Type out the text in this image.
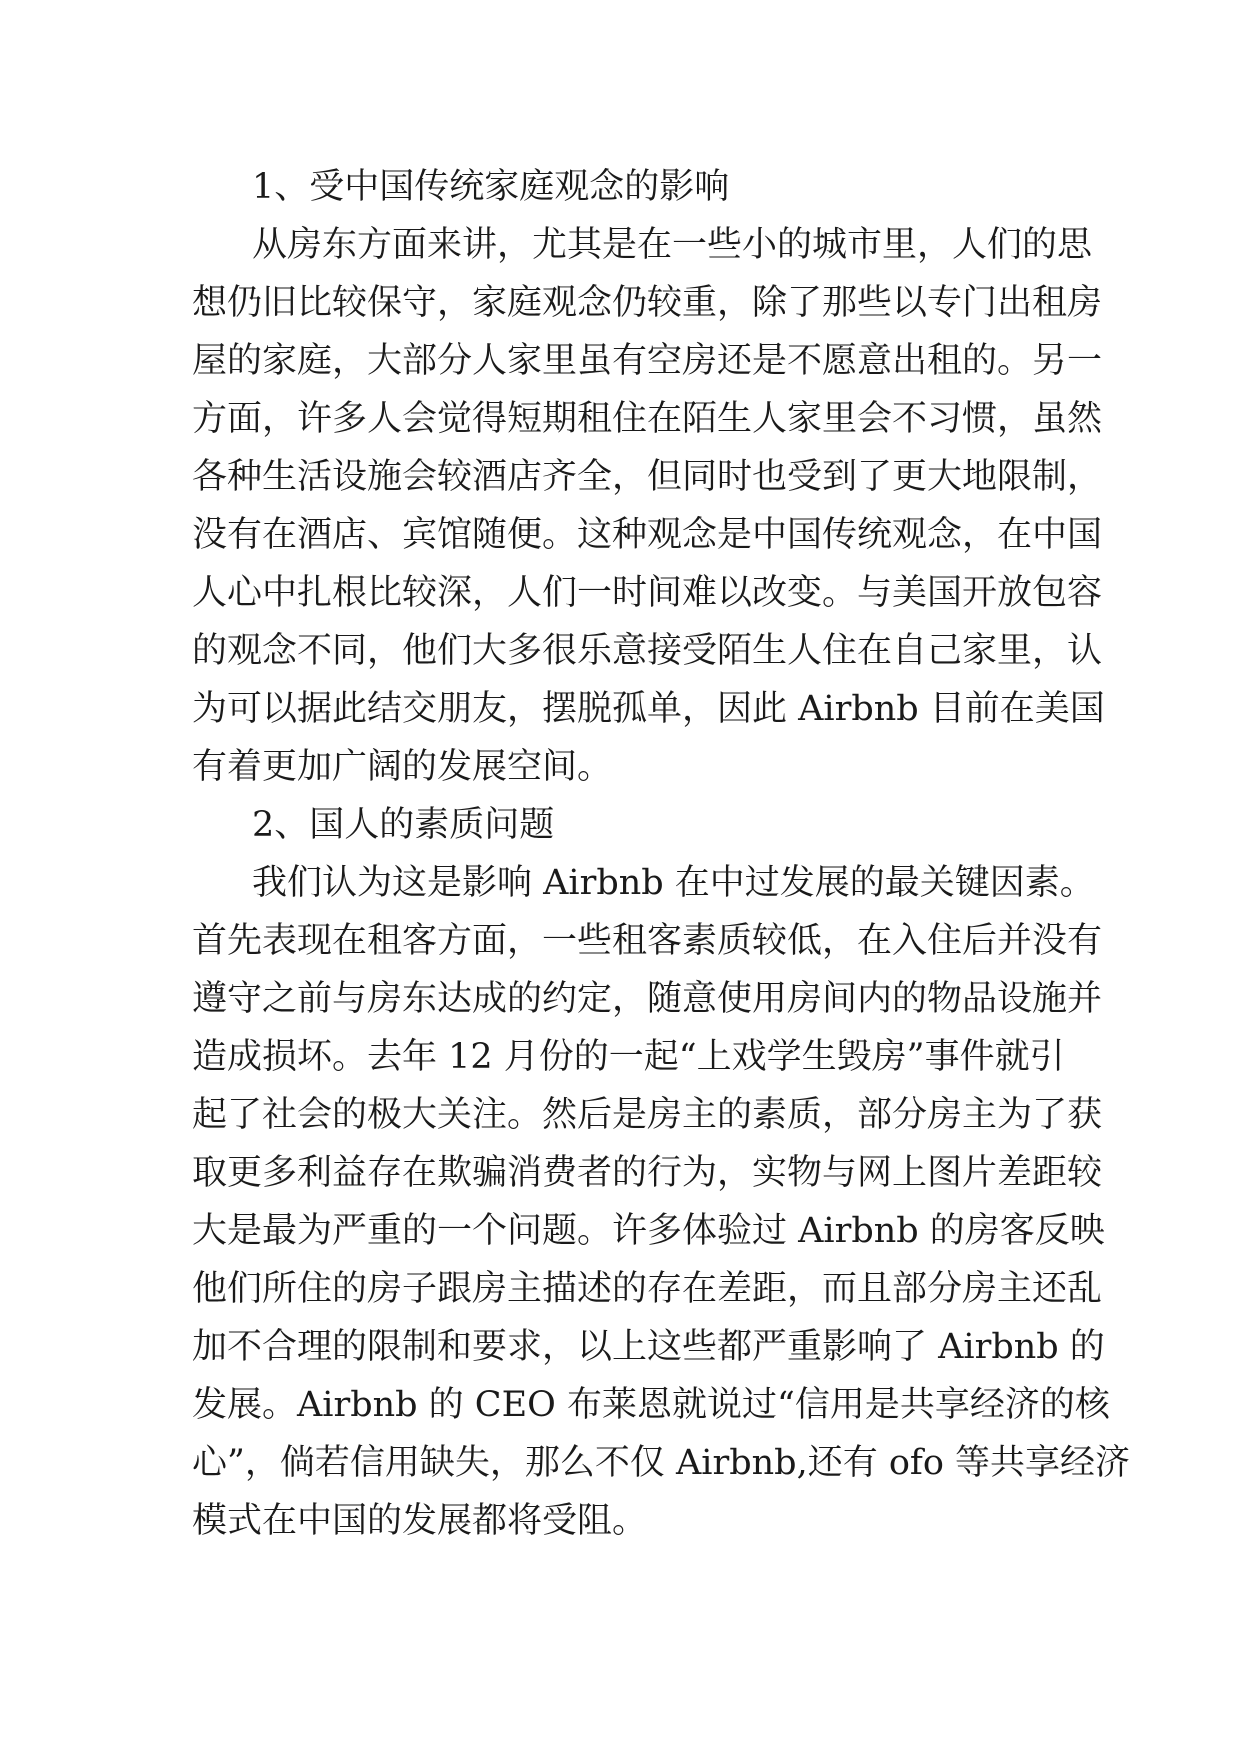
1、受中国传统家庭观念的影响

从房东方面来讲，尤其是在一些小的城市里，人们的思

想仍旧比较保守，家庭观念仍较重，除了那些以专门出租房

屋的家庭，大部分人家里虽有空房还是不愿意出租的。另一

方面，许多人会觉得短期租住在陌生人家里会不习惯，虽然

各种生活设施会较酒店齐全，但同时也受到了更大地限制，

没有在酒店、宾馆随便。这种观念是中国传统观念，在中国

人心中扎根比较深，人们一时间难以改变。与美国开放包容

的观念不同，他们大多很乐意接受陌生人住在自己家里，认

为可以据此结交朋友，摆脱孤单，因此 Airbnb 目前在美国

有着更加广阔的发展空间。

2、国人的素质问题

我们认为这是影响 Airbnb 在中过发展的最关键因素。

首先表现在租客方面，一些租客素质较低，在入住后并没有

遵守之前与房东达成的约定，随意使用房间内的物品设施并

造成损坏。去年 12 月份的一起“上戏学生毁房”事件就引

起了社会的极大关注。然后是房主的素质，部分房主为了获

取更多利益存在欺骗消费者的行为，实物与网上图片差距较

大是最为严重的一个问题。许多体验过 Airbnb 的房客反映

他们所住的房子跟房主描述的存在差距，而且部分房主还乱

加不合理的限制和要求，以上这些都严重影响了 Airbnb 的

发展。Airbnb 的 CEO 布莱恩就说过“信用是共享经济的核

心”，倘若信用缺失，那么不仅 Airbnb,还有 ofo 等共享经济

模式在中国的发展都将受阻。
